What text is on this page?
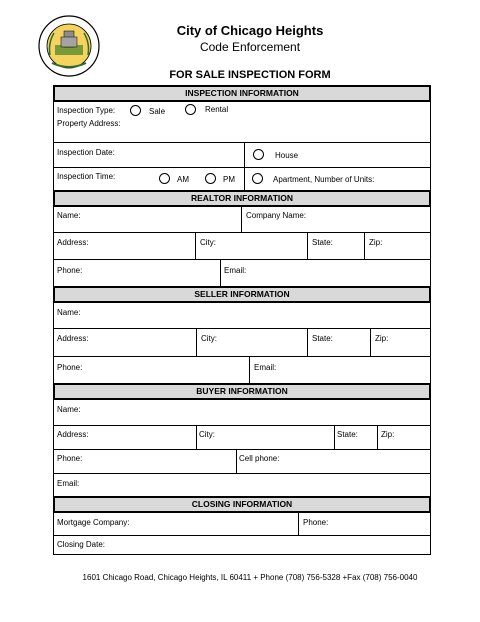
City of Chicago Heights
Code Enforcement
FOR SALE INSPECTION FORM
INSPECTION INFORMATION
Inspection Type:	Sale	Rental
Property Address:
Inspection Date:	House
Inspection Time:	AM	PM	Apartment, Number of Units:
REALTOR INFORMATION
Name:	Company Name:
Address:	City:	State:	Zip:
Phone:	Email:
SELLER INFORMATION
Name:
Address:	City:	State:	Zip:
Phone:	Email:
BUYER INFORMATION
Name:
Address:	City:	State:	Zip:
Phone:	Cell phone:
Email:
CLOSING INFORMATION
Mortgage Company:	Phone:
Closing Date:
1601 Chicago Road, Chicago Heights, IL 60411 + Phone (708) 756-5328 +Fax (708) 756-0040
